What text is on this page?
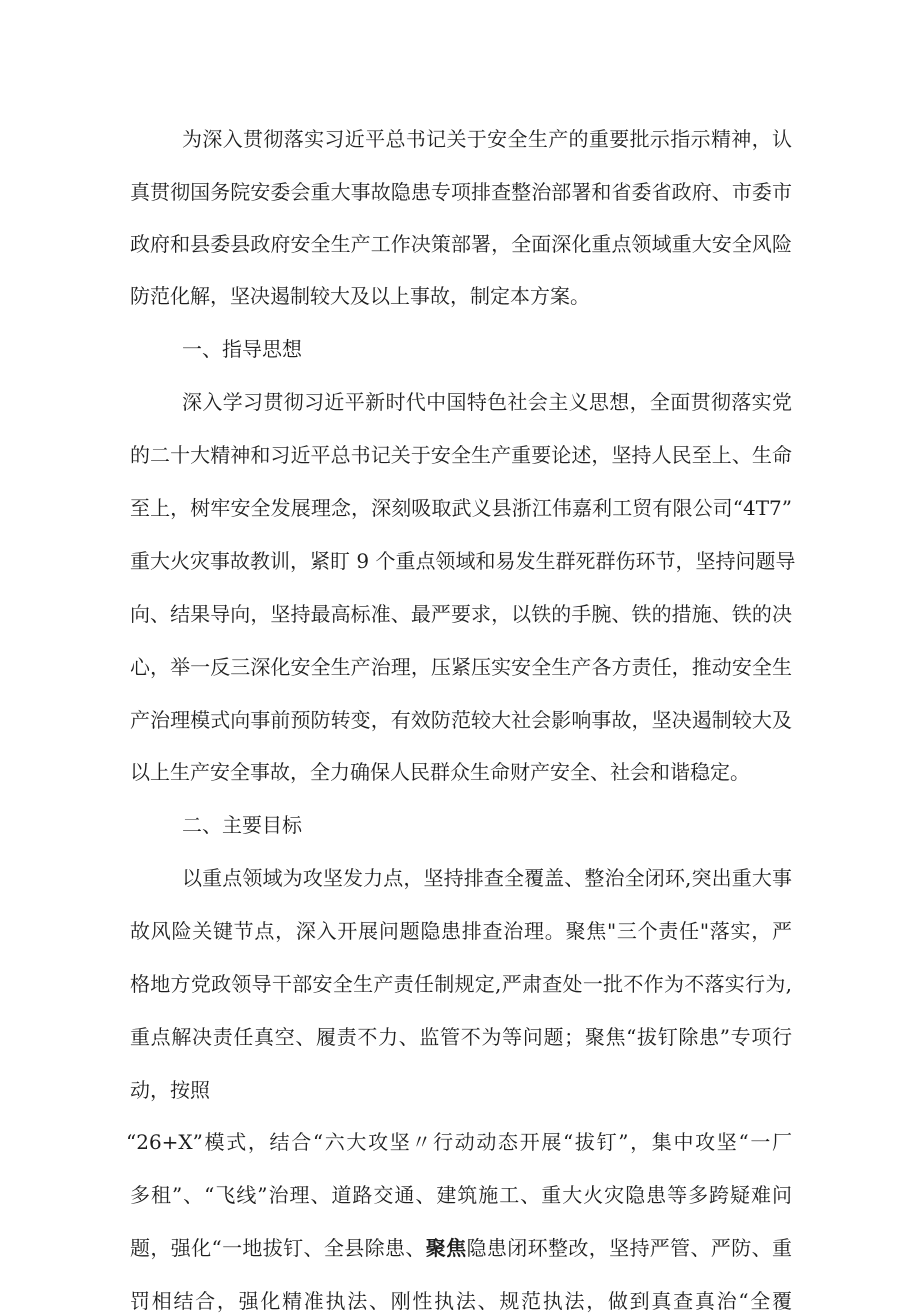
为深入贯彻落实习近平总书记关于安全生产的重要批示指示精神，认
真贯彻国务院安委会重大事故隐患专项排查整治部署和省委省政府、市委市
政府和县委县政府安全生产工作决策部署，全面深化重点领域重大安全风险
防范化解，坚决遏制较大及以上事故，制定本方案。
一、指导思想
深入学习贯彻习近平新时代中国特色社会主义思想，全面贯彻落实党
的二十大精神和习近平总书记关于安全生产重要论述，坚持人民至上、生命
至上，树牢安全发展理念，深刻吸取武义县浙江伟嘉利工贸有限公司“4T7”
重大火灾事故教训，紧盯 9 个重点领域和易发生群死群伤环节，坚持问题导
向、结果导向，坚持最高标准、最严要求，以铁的手腕、铁的措施、铁的决
心，举一反三深化安全生产治理，压紧压实安全生产各方责任，推动安全生
产治理模式向事前预防转变，有效防范较大社会影响事故，坚决遏制较大及
以上生产安全事故，全力确保人民群众生命财产安全、社会和谐稳定。
二、主要目标
以重点领域为攻坚发力点，坚持排查全覆盖、整治全闭环,突出重大事
故风险关键节点，深入开展问题隐患排查治理。聚焦"三个责任"落实，严
格地方党政领导干部安全生产责任制规定,严肃查处一批不作为不落实行为,
重点解决责任真空、履责不力、监管不为等问题；聚焦“拔钉除患”专项行
动，按照
“26+X”模式，结合“六大攻坚〃行动动态开展“拔钉”，集中攻坚“一厂
多租”、“飞线”治理、道路交通、建筑施工、重大火灾隐患等多跨疑难问
题，强化“一地拔钉、全县除患、聚焦隐患闭环整改，坚持严管、严防、重
罚相结合，强化精准执法、刚性执法、规范执法，做到真查真治“全覆
